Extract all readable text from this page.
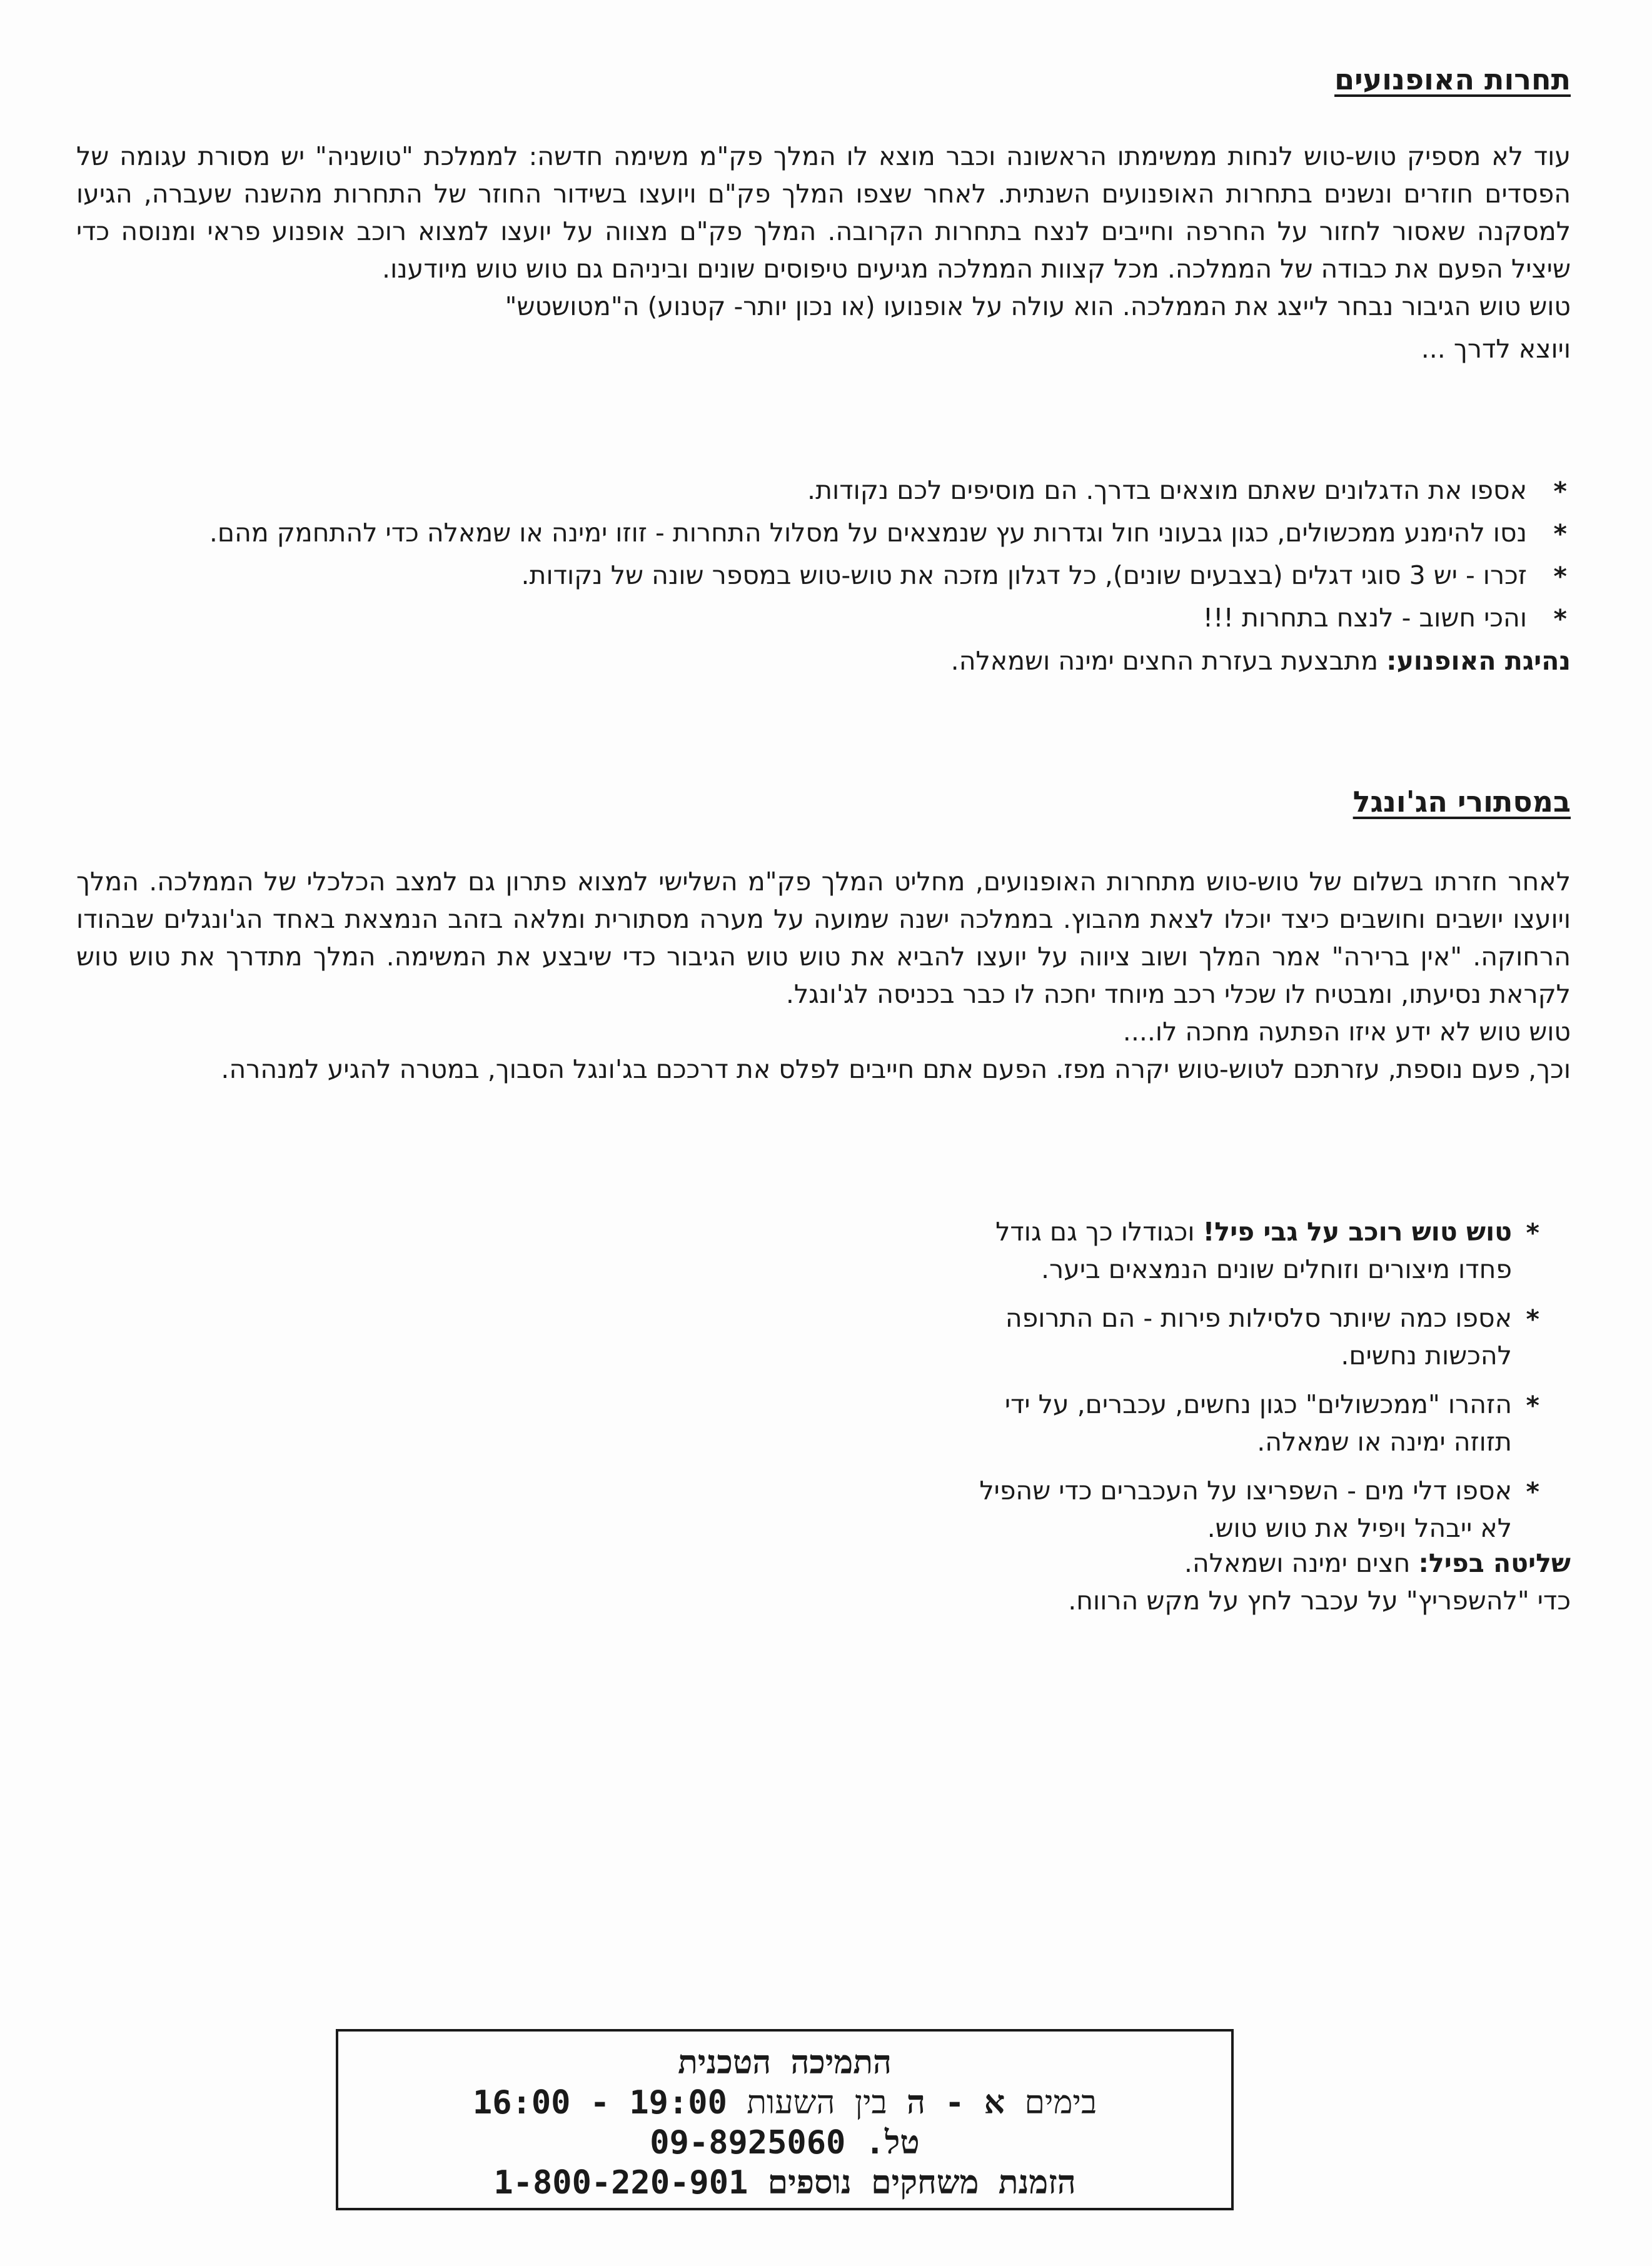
תחרות האופנועים

עוד לא מספיק טוש-טוש לנחות ממשימתו הראשונה וכבר מוצא לו המלך פק"מ משימה חדשה: לממלכת "טושניה" יש מסורת עגומה של הפסדים חוזרים ונשנים בתחרות האופנועים השנתית. לאחר שצפו המלך פק"ם ויועצו בשידור החוזר של התחרות מהשנה שעברה, הגיעו למסקנה שאסור לחזור על החרפה וחייבים לנצח בתחרות הקרובה. המלך פק"ם מצווה על יועצו למצוא רוכב אופנוע פראי ומנוסה כדי שיציל הפעם את כבודה של הממלכה. מכל קצוות הממלכה מגיעים טיפוסים שונים וביניהם גם טוש טוש מיודענו.

טוש טוש הגיבור נבחר לייצג את הממלכה. הוא עולה על אופנועו (או נכון יותר- קטנוע) ה"מטושטש"

ויוצא לדרך ...

*
אספו את הדגלונים שאתם מוצאים בדרך. הם מוסיפים לכם נקודות.
*
נסו להימנע ממכשולים, כגון גבעוני חול וגדרות עץ שנמצאים על מסלול התחרות - זוזו ימינה או שמאלה כדי להתחמק מהם.
*
זכרו - יש 3 סוגי דגלים (בצבעים שונים), כל דגלון מזכה את טוש-טוש במספר שונה של נקודות.
*
והכי חשוב - לנצח בתחרות !!!

נהיגת האופנוע: מתבצעת בעזרת החצים ימינה ושמאלה.

במסתורי הג'ונגל

לאחר חזרתו בשלום של טוש-טוש מתחרות האופנועים, מחליט המלך פק"מ השלישי למצוא פתרון גם למצב הכלכלי של הממלכה. המלך ויועצו יושבים וחושבים כיצד יוכלו לצאת מהבוץ. בממלכה ישנה שמועה על מערה מסתורית ומלאה בזהב הנמצאת באחד הג'ונגלים שבהודו הרחוקה. "אין ברירה" אמר המלך ושוב ציווה על יועצו להביא את טוש טוש הגיבור כדי שיבצע את המשימה. המלך מתדרך את טוש טוש לקראת נסיעתו, ומבטיח לו שכלי רכב מיוחד יחכה לו כבר בכניסה לג'ונגל.

טוש טוש לא ידע איזו הפתעה מחכה לו....

וכך, פעם נוספת, עזרתכם לטוש-טוש יקרה מפז. הפעם אתם חייבים לפלס את דרככם בג'ונגל הסבוך, במטרה להגיע למנהרה.

*
טוש טוש רוכב על גבי פיל! וכגודלו כך גם גודל פחדו מיצורים וזוחלים שונים הנמצאים ביער.
*
אספו כמה שיותר סלסילות פירות - הם התרופה להכשות נחשים.
*
הזהרו "ממכשולים" כגון נחשים, עכברים, על ידי תזוזה ימינה או שמאלה.
*
אספו דלי מים - השפריצו על העכברים כדי שהפיל לא ייבהל ויפיל את טוש טוש.

שליטה בפיל: חצים ימינה ושמאלה.

כדי "להשפריץ" על עכבר לחץ על מקש הרווח.

התמיכה הטכנית

בימים א - ה בין השעות 16:00 - 19:00

טל. 09-8925060

הזמנת משחקים נוספים 1-800-220-901
